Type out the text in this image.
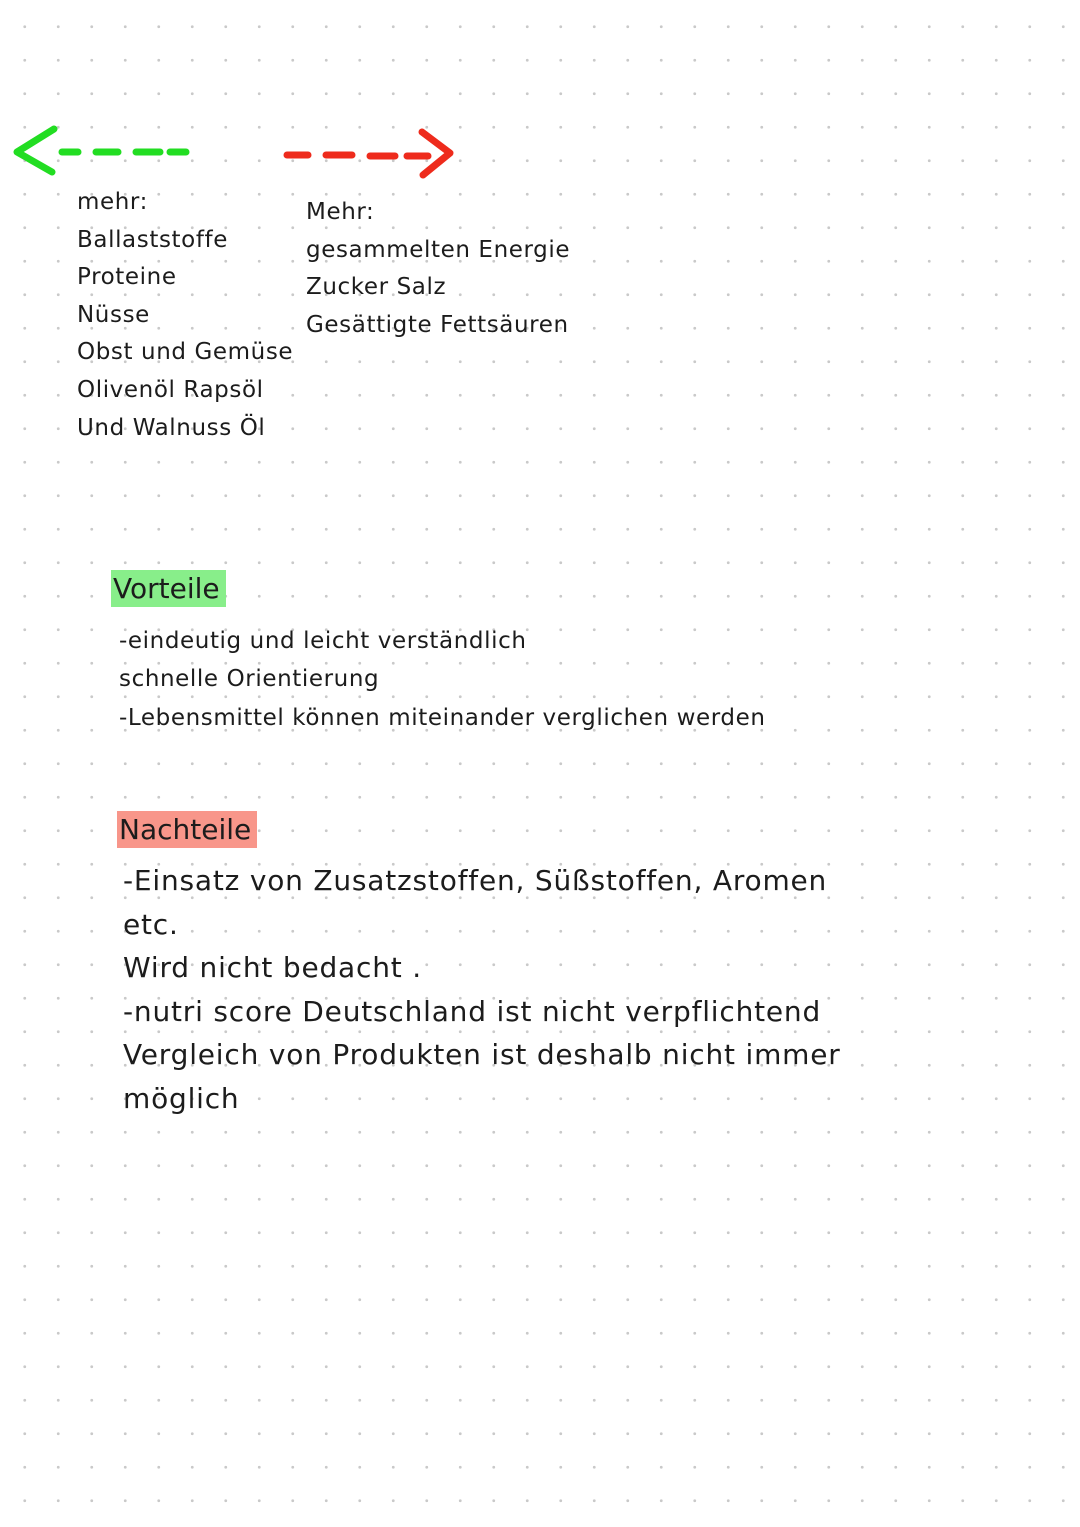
mehr:
Ballaststoffe
Proteine
Nüsse
Obst und Gemüse
Olivenöl Rapsöl
Und Walnuss Öl
Mehr:
gesammelten Energie
Zucker Salz
Gesättigte Fettsäuren
Vorteile
-eindeutig und leicht verständlich
schnelle Orientierung
-Lebensmittel können miteinander verglichen werden
Nachteile
-Einsatz von Zusatzstoffen, Süßstoffen, Aromen
etc.
Wird nicht bedacht .
-nutri score Deutschland ist nicht verpflichtend
Vergleich von Produkten ist deshalb nicht immer
möglich
